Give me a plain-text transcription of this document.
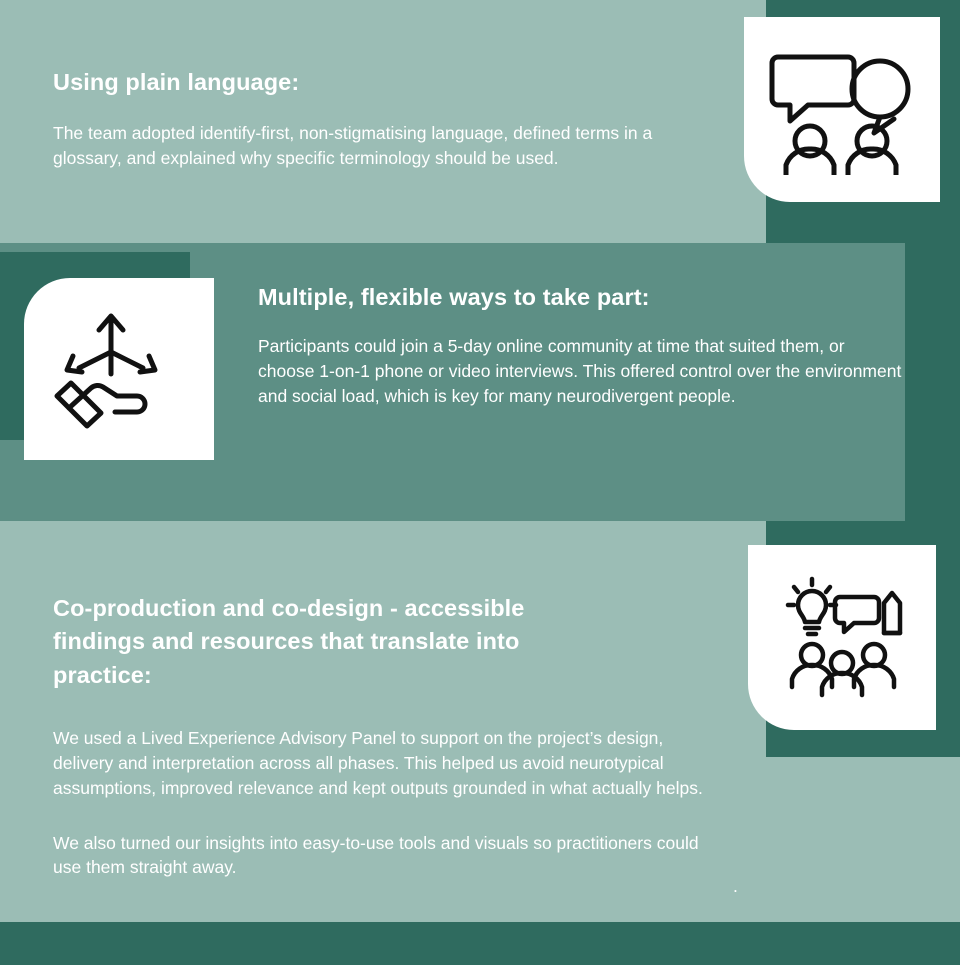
Using plain language:

The team adopted identify-first, non-stigmatising language, defined terms in a glossary, and explained why specific terminology should be used.

Multiple, flexible ways to take part:

Participants could join a 5-day online community at time that suited them, or choose 1-on-1 phone or video interviews. This offered control over the environment and social load, which is key for many neurodivergent people.

Co-production and co-design - accessible findings and resources that translate into practice:

We used a Lived Experience Advisory Panel to support on the project’s design, delivery and interpretation across all phases. This helped us avoid neurotypical assumptions, improved relevance and kept outputs grounded in what actually helps.

We also turned our insights into easy-to-use tools and visuals so practitioners could use them straight away.

.
